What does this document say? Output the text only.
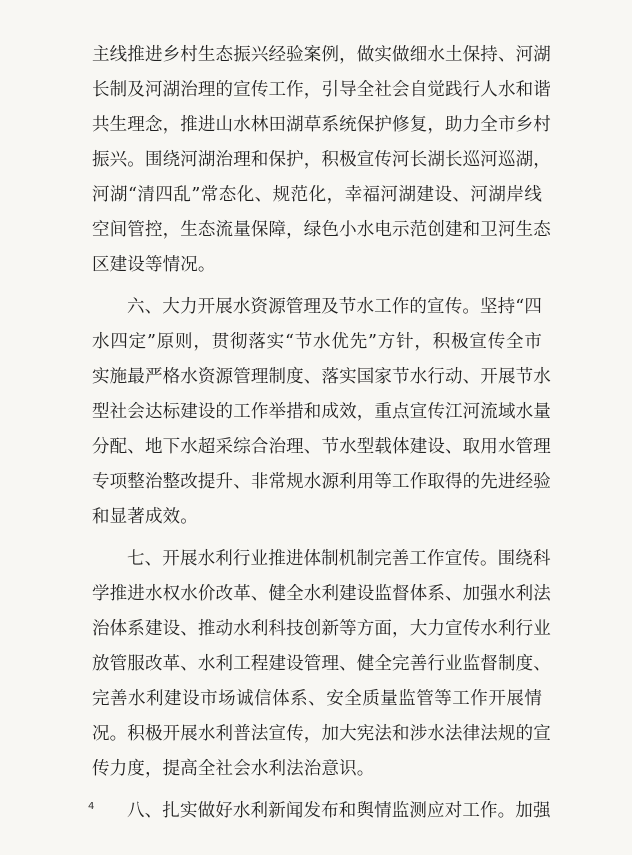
主线推进乡村生态振兴经验案例，做实做细水土保持、河湖
长制及河湖治理的宣传工作，引导全社会自觉践行人水和谐
共生理念，推进山水林田湖草系统保护修复，助力全市乡村
振兴。围绕河湖治理和保护，积极宣传河长湖长巡河巡湖，
河湖“清四乱”常态化、规范化，幸福河湖建设、河湖岸线
空间管控，生态流量保障，绿色小水电示范创建和卫河生态
区建设等情况。
六、大力开展水资源管理及节水工作的宣传。坚持“四
水四定”原则，贯彻落实“节水优先”方针，积极宣传全市
实施最严格水资源管理制度、落实国家节水行动、开展节水
型社会达标建设的工作举措和成效，重点宣传江河流域水量
分配、地下水超采综合治理、节水型载体建设、取用水管理
专项整治整改提升、非常规水源利用等工作取得的先进经验
和显著成效。
七、开展水利行业推进体制机制完善工作宣传。围绕科
学推进水权水价改革、健全水利建设监督体系、加强水利法
治体系建设、推动水利科技创新等方面，大力宣传水利行业
放管服改革、水利工程建设管理、健全完善行业监督制度、
完善水利建设市场诚信体系、安全质量监管等工作开展情
况。积极开展水利普法宣传，加大宪法和涉水法律法规的宣
传力度，提高全社会水利法治意识。
八、扎实做好水利新闻发布和舆情监测应对工作。加强
4
